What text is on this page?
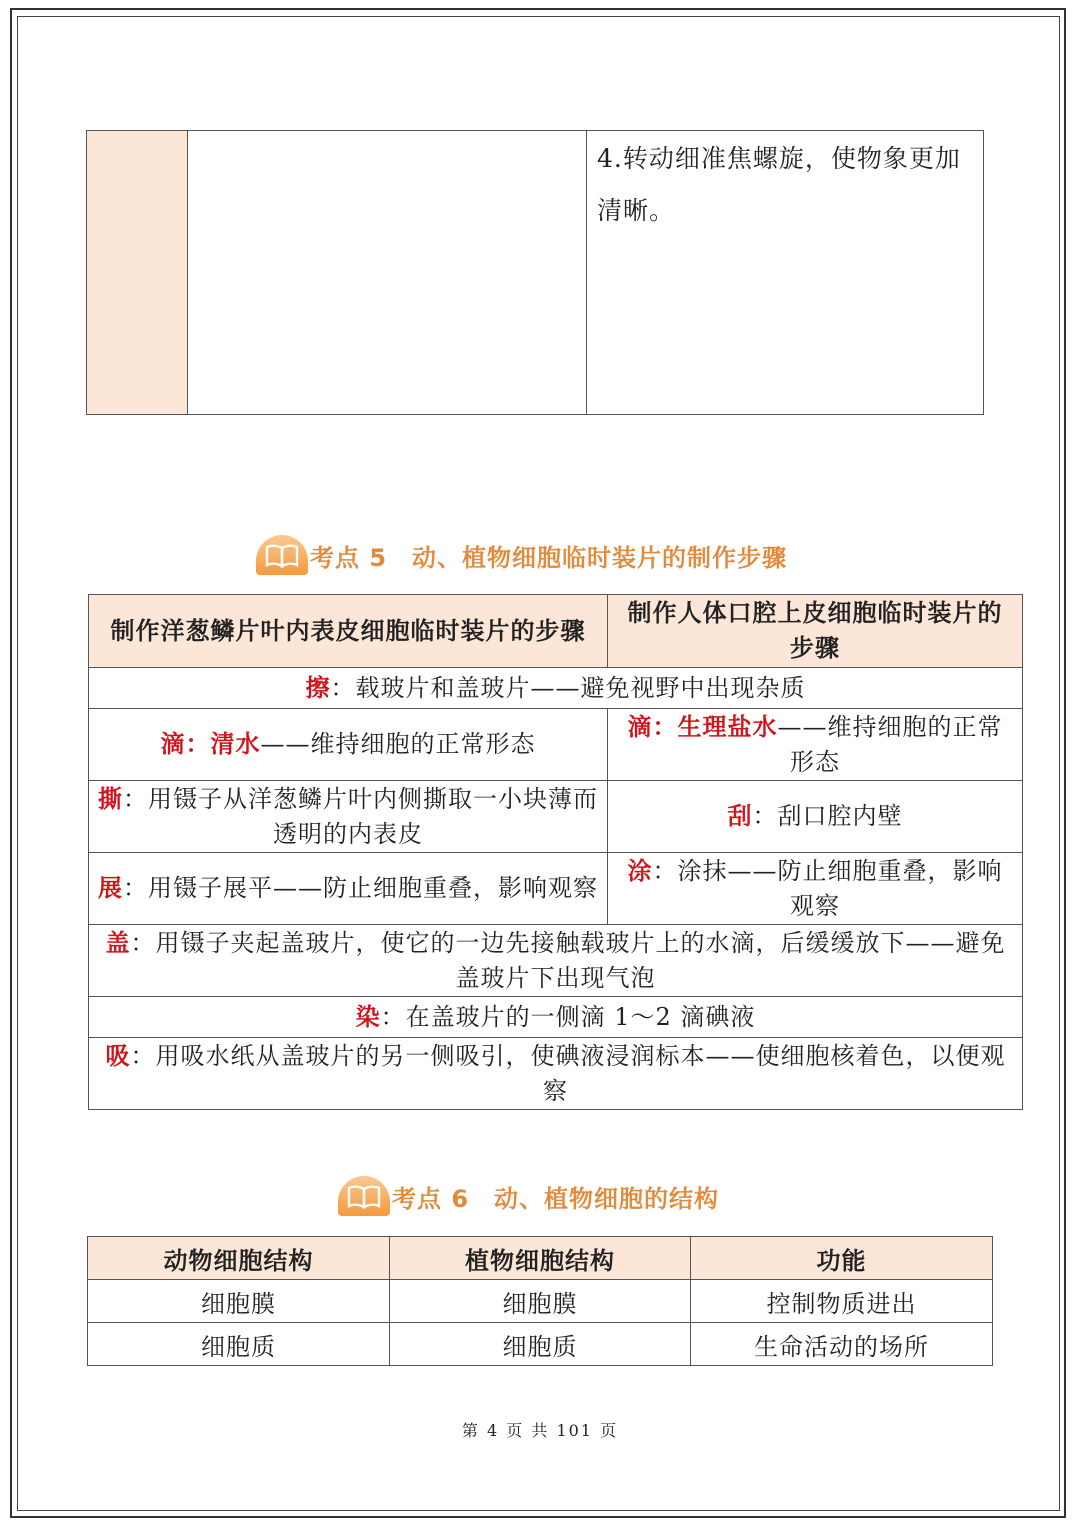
4.转动细准焦螺旋，使物象更加清晰。
考点 5　动、植物细胞临时装片的制作步骤
制作洋葱鳞片叶内表皮细胞临时装片的步骤	制作人体口腔上皮细胞临时装片的步骤
擦：载玻片和盖玻片——避免视野中出现杂质	
滴：清水——维持细胞的正常形态	滴：生理盐水——维持细胞的正常形态
撕：用镊子从洋葱鳞片叶内侧撕取一小块薄而透明的内表皮	刮：刮口腔内壁
展：用镊子展平——防止细胞重叠，影响观察	涂：涂抹——防止细胞重叠，影响观察
盖：用镊子夹起盖玻片，使它的一边先接触载玻片上的水滴，后缓缓放下——避免盖玻片下出现气泡	
染：在盖玻片的一侧滴 1～2 滴碘液	
吸：用吸水纸从盖玻片的另一侧吸引，使碘液浸润标本——使细胞核着色，以便观察	
考点 6　动、植物细胞的结构
动物细胞结构	植物细胞结构	功能
细胞膜	细胞膜	控制物质进出
细胞质	细胞质	生命活动的场所
第 4 页 共 101 页
